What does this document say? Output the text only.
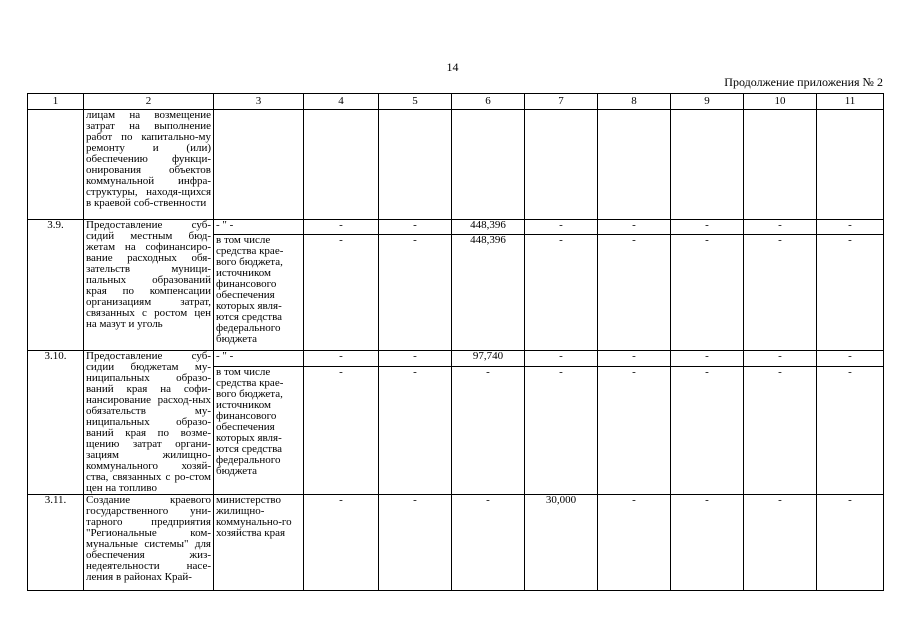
14
Продолжение приложения № 2
1	2	3	4	5	6	7	8	9	10	11
	лицам на возмещение затрат на выполнение работ по капитально-му ремонту и (или) обеспечению функци-онирования объектов коммунальной инфра-структуры, находя-щихся в краевой соб-ственности									
3.9.	Предоставление суб-сидий местным бюд-жетам на софинансиро-вание расходных обя-зательств муници-пальных образований края по компенсации организациям затрат, связанных с ростом цен на мазут и уголь	- " -	-	-	448,396	-	-	-	-	-
		в том числе средства крае-вого бюджета, источником финансового обеспечения которых явля-ются средства федерального бюджета	-	-	448,396	-	-	-	-	-
3.10.	Предоставление суб-сидии бюджетам му-ниципальных образо-ваний края на софи-нансирование расход-ных обязательств му-ниципальных образо-ваний края по возме-щению затрат органи-зациям жилищно-коммунального хозяй-ства, связанных с ро-стом цен на топливо	- " -	-	-	97,740	-	-	-	-	-
		в том числе средства крае-вого бюджета, источником финансового обеспечения которых явля-ются средства федерального бюджета	-	-	-	-	-	-	-	-
3.11.	Создание краевого государственного уни-тарного предприятия "Региональные ком-мунальные системы" для обеспечения жиз-недеятельности насе-ления в районах Край-	министерство жилищно-коммунально-го хозяйства края	-	-	-	30,000	-	-	-	-
